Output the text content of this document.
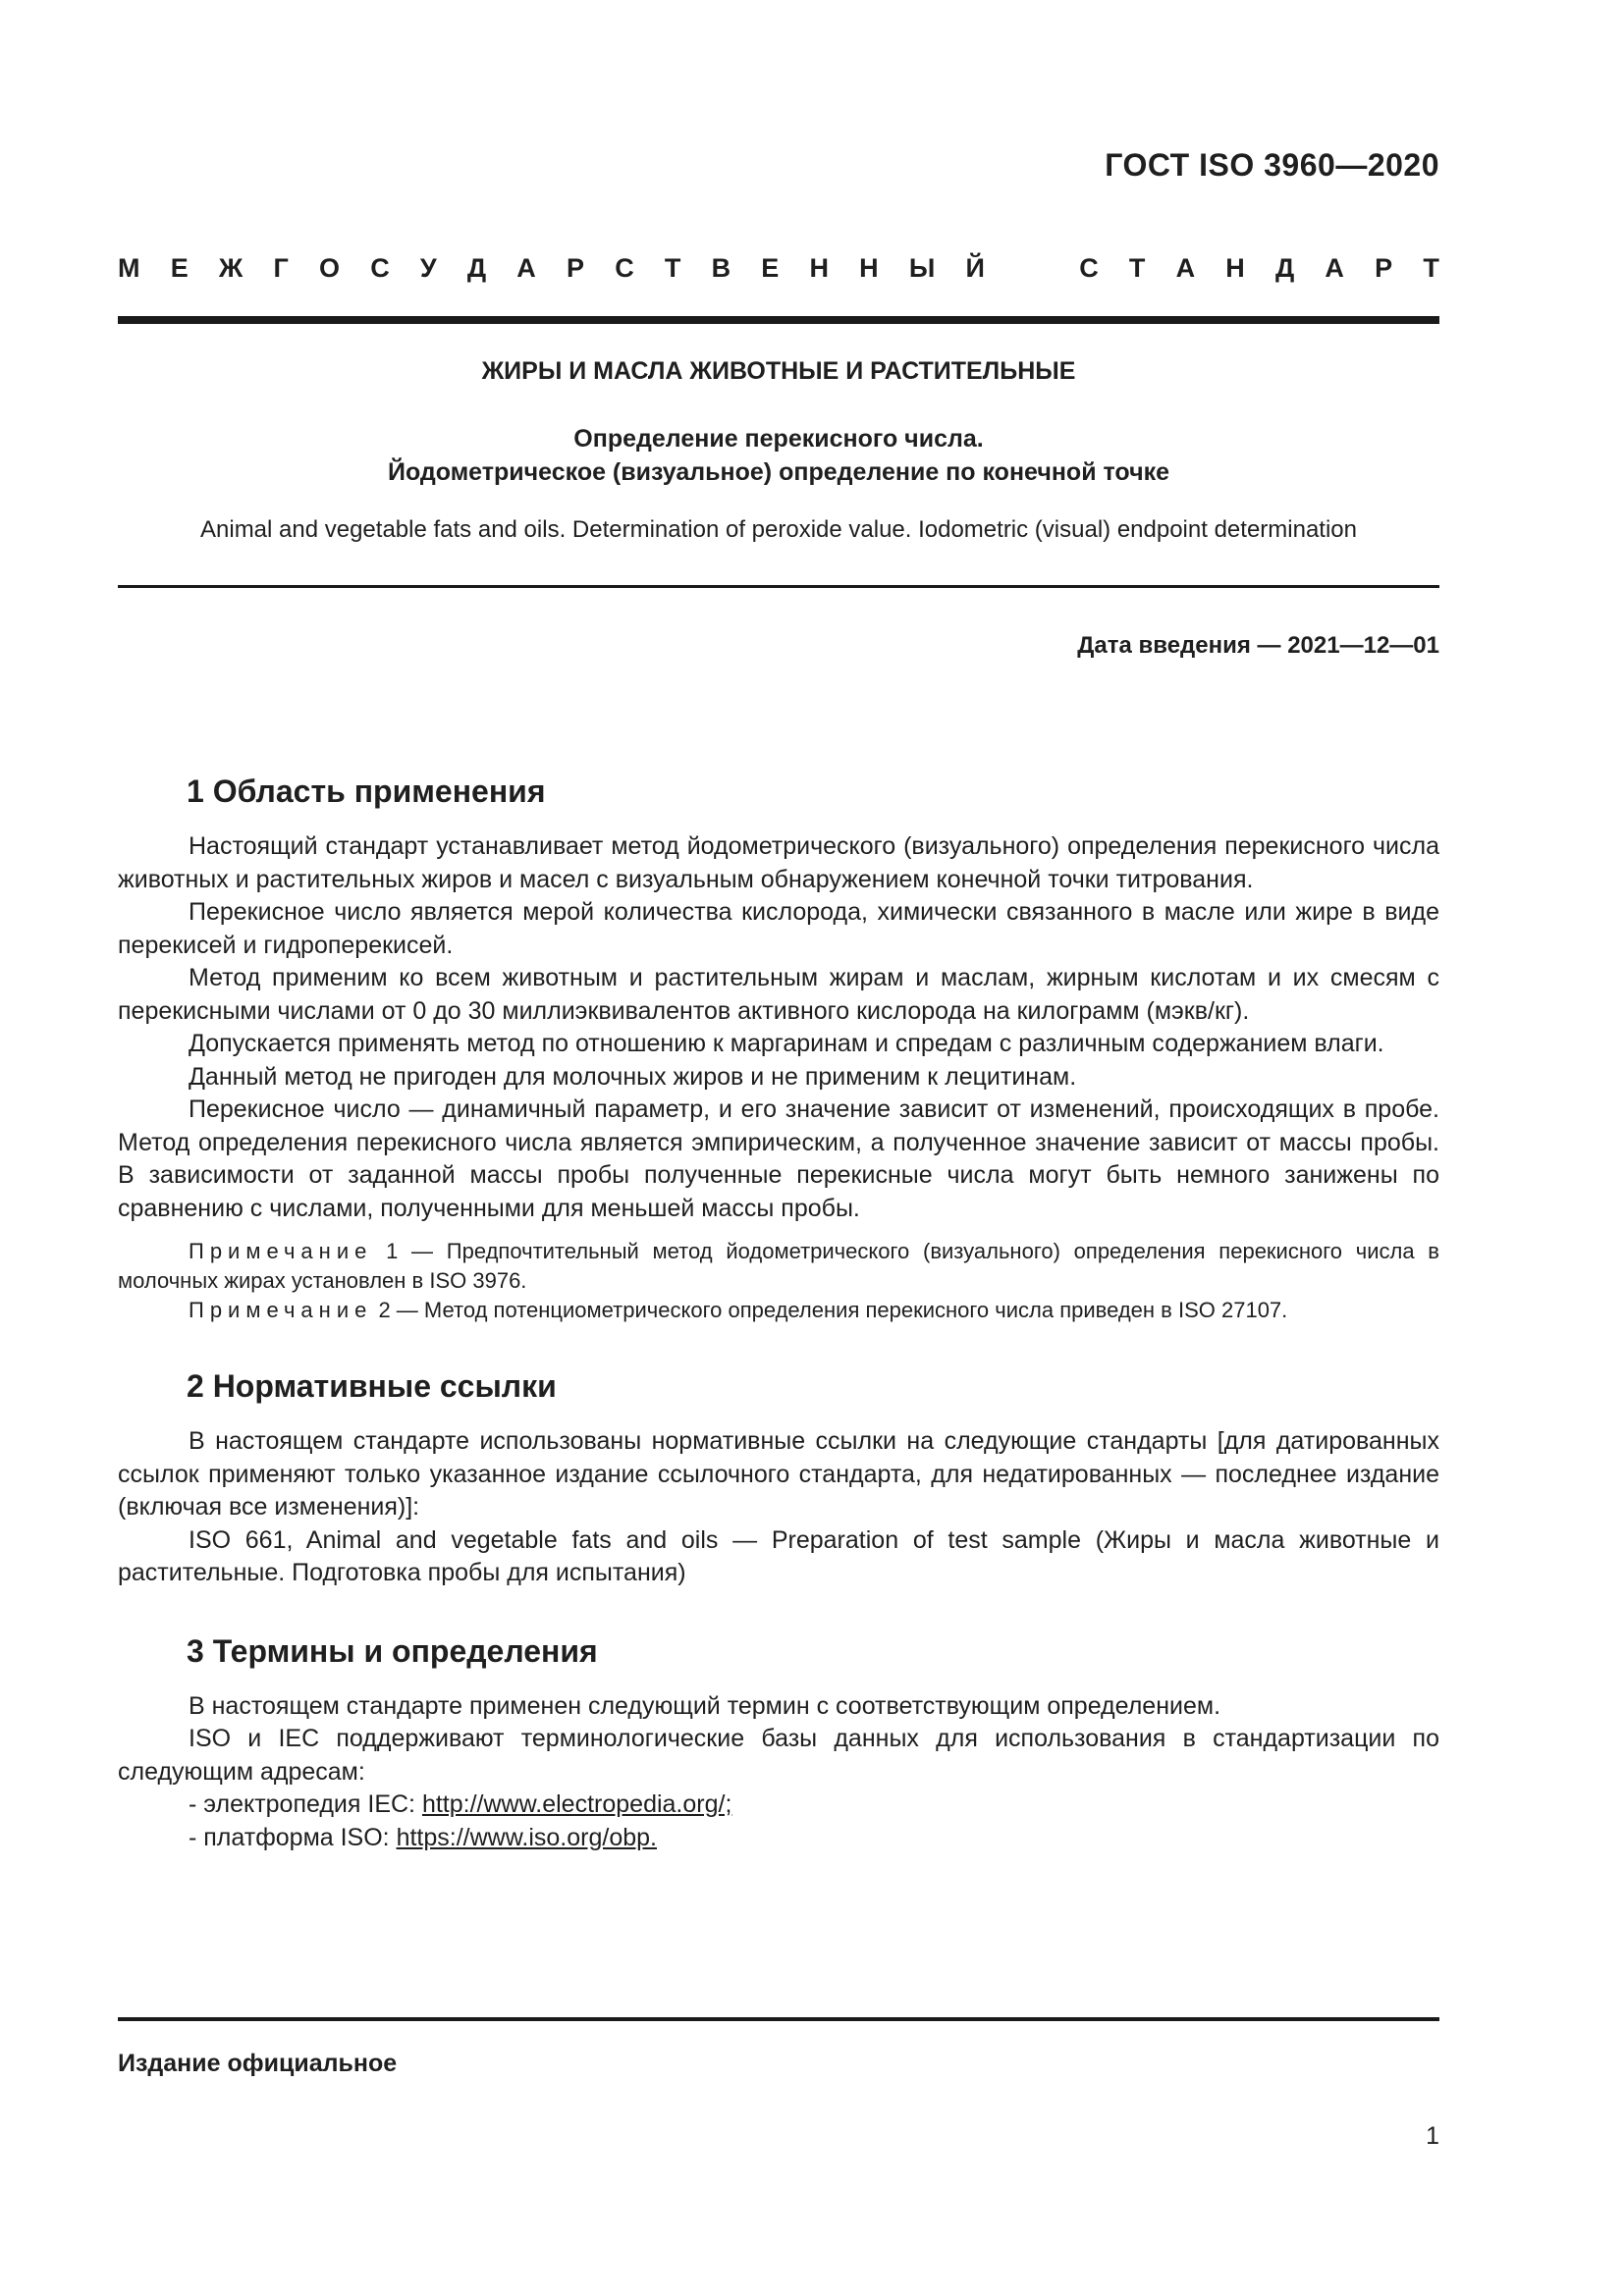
ГОСТ ISO 3960—2020
М Е Ж Г О С У Д А Р С Т В Е Н Н Ы Й	С Т А Н Д А Р Т
ЖИРЫ И МАСЛА ЖИВОТНЫЕ И РАСТИТЕЛЬНЫЕ
Определение перекисного числа.
Йодометрическое (визуальное) определение по конечной точке
Animal and vegetable fats and oils. Determination of peroxide value. Iodometric (visual) endpoint determination
Дата введения — 2021—12—01
1 Область применения

Настоящий стандарт устанавливает метод йодометрического (визуального) определения перекисного числа животных и растительных жиров и масел с визуальным обнаружением конечной точки титрования.

Перекисное число является мерой количества кислорода, химически связанного в масле или жире в виде перекисей и гидроперекисей.

Метод применим ко всем животным и растительным жирам и маслам, жирным кислотам и их смесям с перекисными числами от 0 до 30 миллиэквивалентов активного кислорода на килограмм (мэкв/кг).

Допускается применять метод по отношению к маргаринам и спредам с различным содержанием влаги.

Данный метод не пригоден для молочных жиров и не применим к лецитинам.

Перекисное число — динамичный параметр, и его значение зависит от изменений, происходящих в пробе. Метод определения перекисного числа является эмпирическим, а полученное значение зависит от массы пробы. В зависимости от заданной массы пробы полученные перекисные числа могут быть немного занижены по сравнению с числами, полученными для меньшей массы пробы.

Примечание 1 — Предпочтительный метод йодометрического (визуального) определения перекисного числа в молочных жирах установлен в ISO 3976.

Примечание 2 — Метод потенциометрического определения перекисного числа приведен в ISO 27107.

2 Нормативные ссылки

В настоящем стандарте использованы нормативные ссылки на следующие стандарты [для датированных ссылок применяют только указанное издание ссылочного стандарта, для недатированных — последнее издание (включая все изменения)]:

ISO 661, Animal and vegetable fats and oils — Preparation of test sample (Жиры и масла животные и растительные. Подготовка пробы для испытания)

3 Термины и определения

В настоящем стандарте применен следующий термин с соответствующим определением.

ISO и IEC поддерживают терминологические базы данных для использования в стандартизации по следующим адресам:

- электропедия IEC: http://www.electropedia.org/;

- платформа ISO: https://www.iso.org/obp.

Издание официальное
1
